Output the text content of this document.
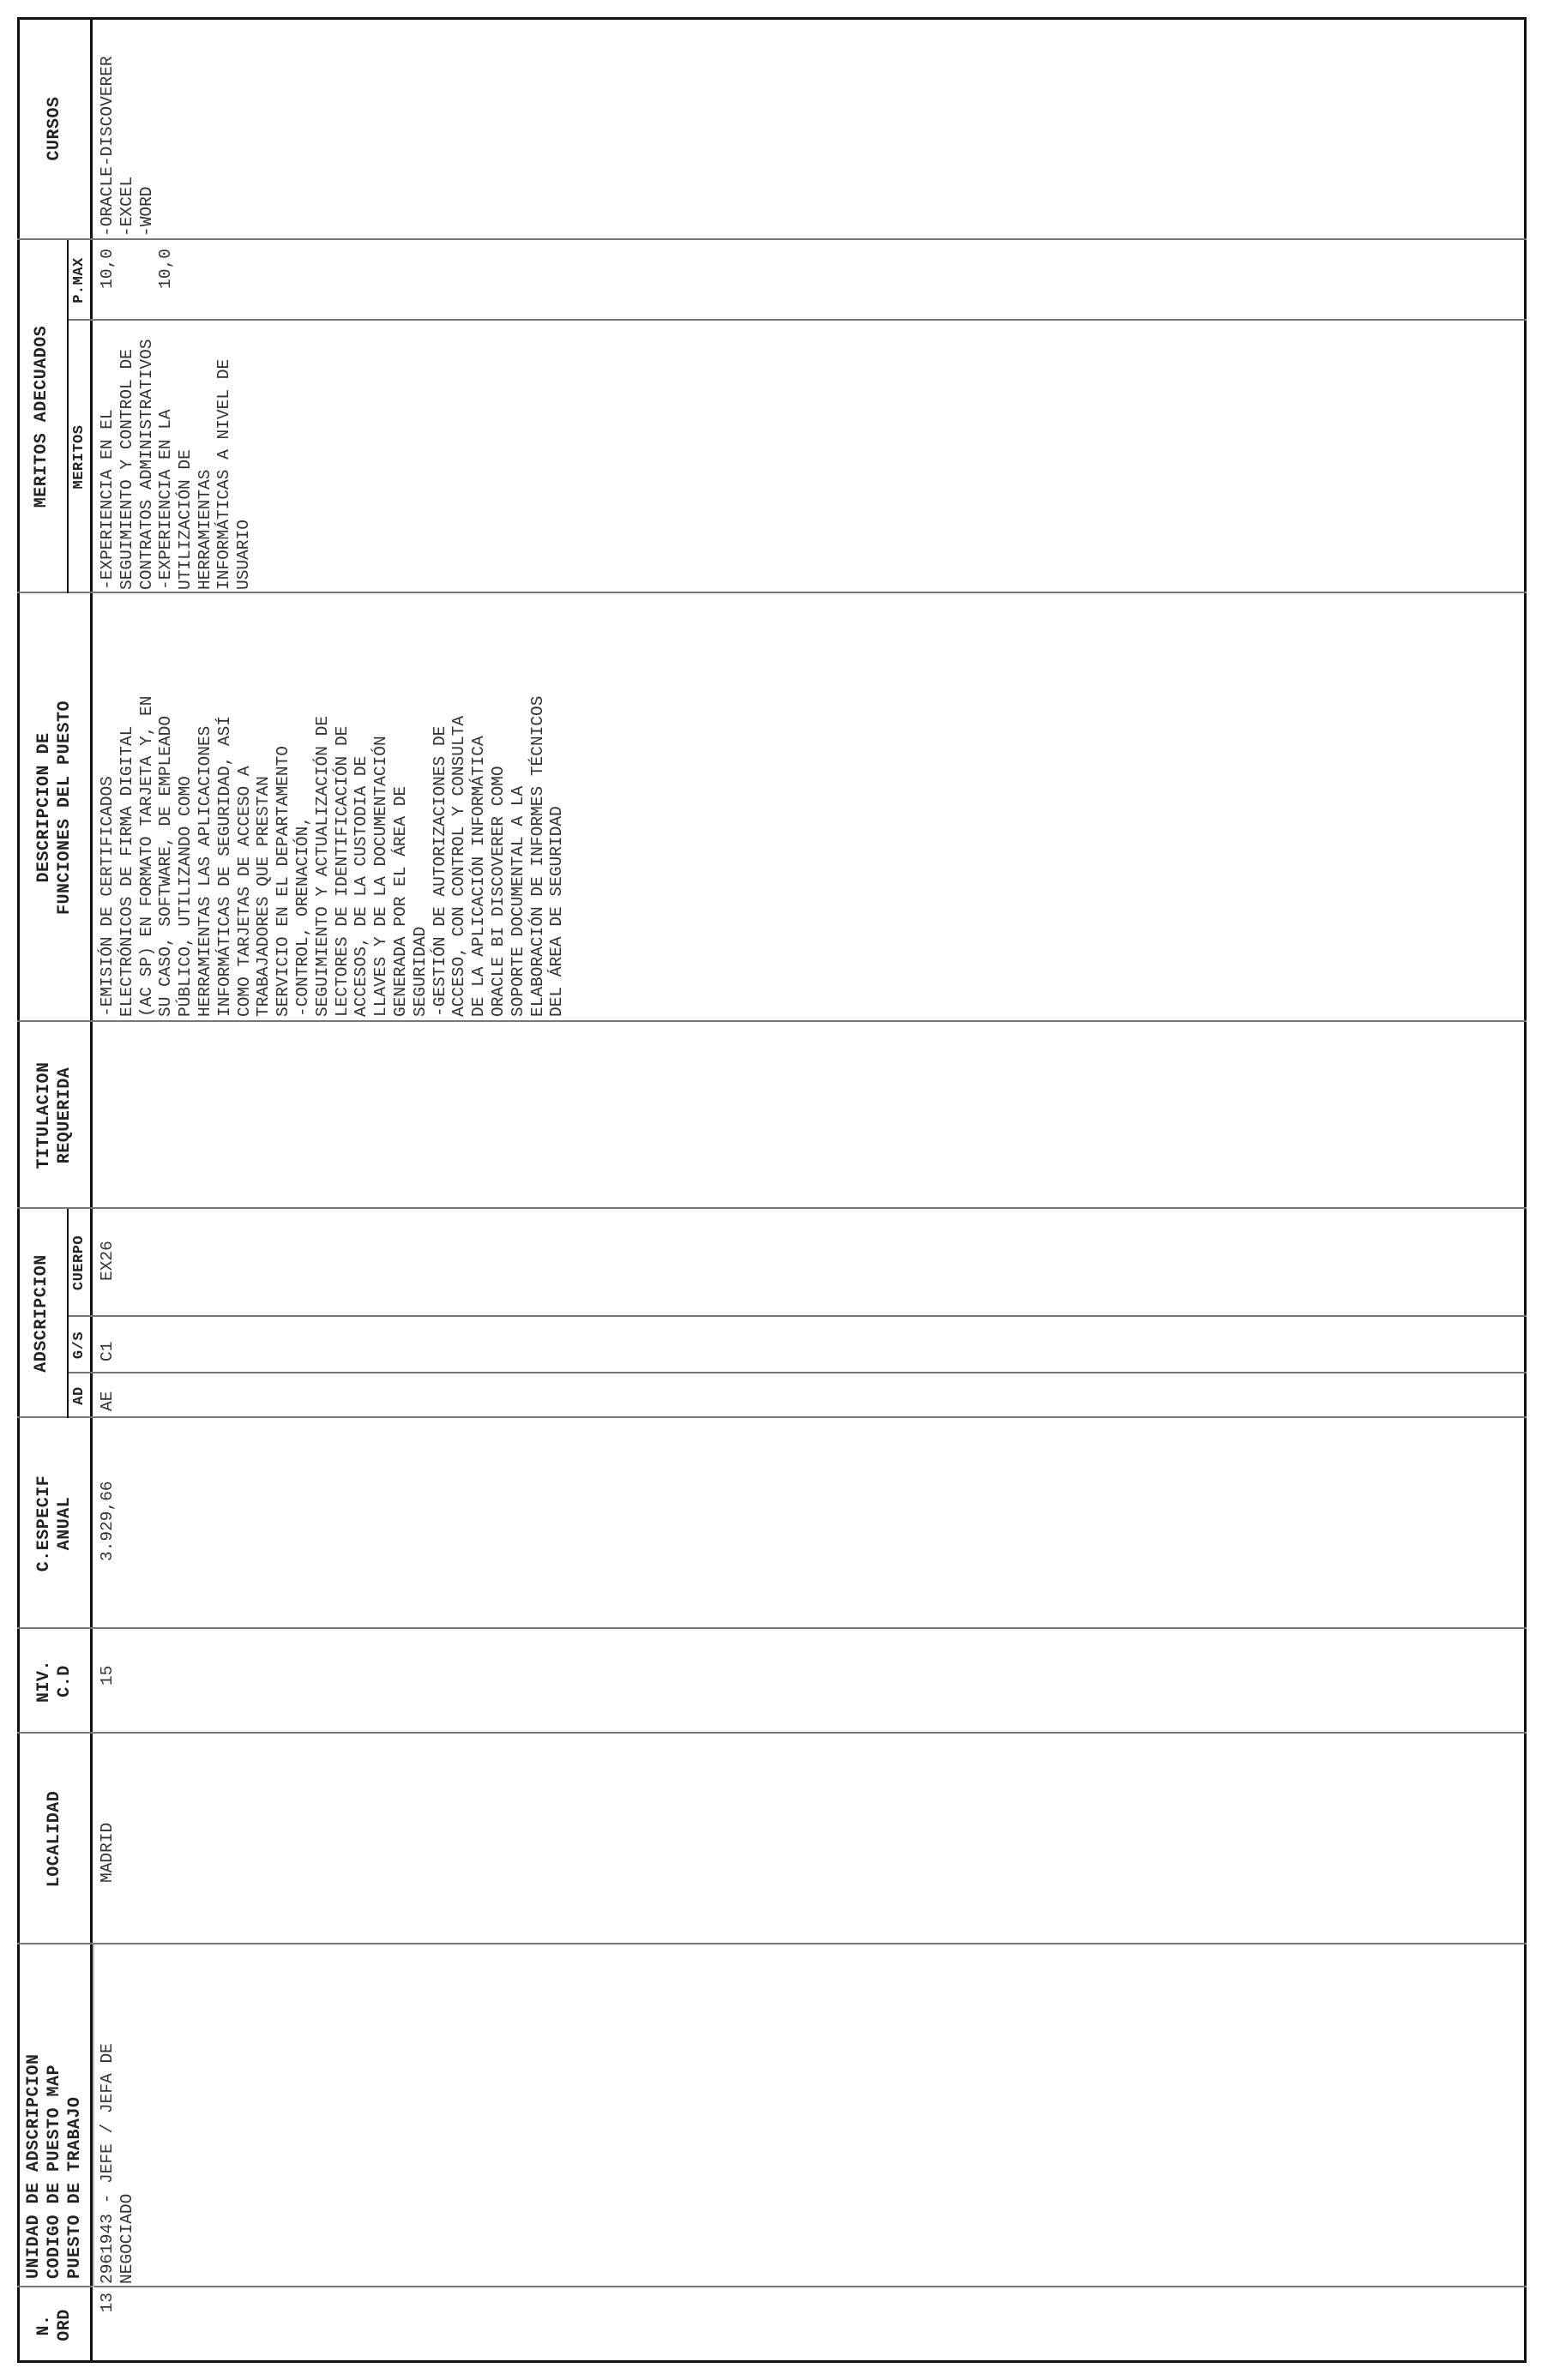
N. ORD
UNIDAD DE ADSCRIPCION CODIGO DE PUESTO MAP PUESTO DE TRABAJO
LOCALIDAD
NIV. C.D
C.ESPECIF ANUAL
ADSCRIPCION
AD
G/S
CUERPO
TITULACION REQUERIDA
DESCRIPCION DE FUNCIONES DEL PUESTO
MERITOS ADECUADOS MERITOS
P.MAX
CURSOS
13
2961943 - JEFE / JEFA DE
NEGOCIADO
MADRID
15
3.929,66
AE
C1
EX26
-EMISIÓN DE CERTIFICADOS
ELECTRÓNICOS DE FIRMA DIGITAL
(AC SP) EN FORMATO TARJETA Y, EN
SU CASO, SOFTWARE, DE EMPLEADO
PÚBLICO, UTILIZANDO COMO
HERRAMIENTAS LAS APLICACIONES
INFORMÁTICAS DE SEGURIDAD, ASÍ
COMO TARJETAS DE ACCESO A
TRABAJADORES QUE PRESTAN
SERVICIO EN EL DEPARTAMENTO
-CONTROL, ORENACIÓN,
SEGUIMIENTO Y ACTUALIZACIÓN DE
LECTORES DE IDENTIFICACIÓN DE
ACCESOS, DE LA CUSTODIA DE
LLAVES Y DE LA DOCUMENTACIÓN
GENERADA POR EL ÁREA DE
SEGURIDAD
-GESTIÓN DE AUTORIZACIONES DE
ACCESO, CON CONTROL Y CONSULTA
DE LA APLICACIÓN INFORMÁTICA
ORACLE BI DISCOVERER COMO
SOPORTE DOCUMENTAL A LA
ELABORACIÓN DE INFORMES TÉCNICOS
DEL ÁREA DE SEGURIDAD
-EXPERIENCIA EN EL
SEGUIMIENTO Y CONTROL DE
CONTRATOS ADMINISTRATIVOS
-EXPERIENCIA EN LA
UTILIZACIÓN DE HERRAMIENTAS
INFORMÁTICAS A NIVEL DE
USUARIO
10,0 10,0
-ORACLE-DISCOVERER
-EXCEL
-WORD
